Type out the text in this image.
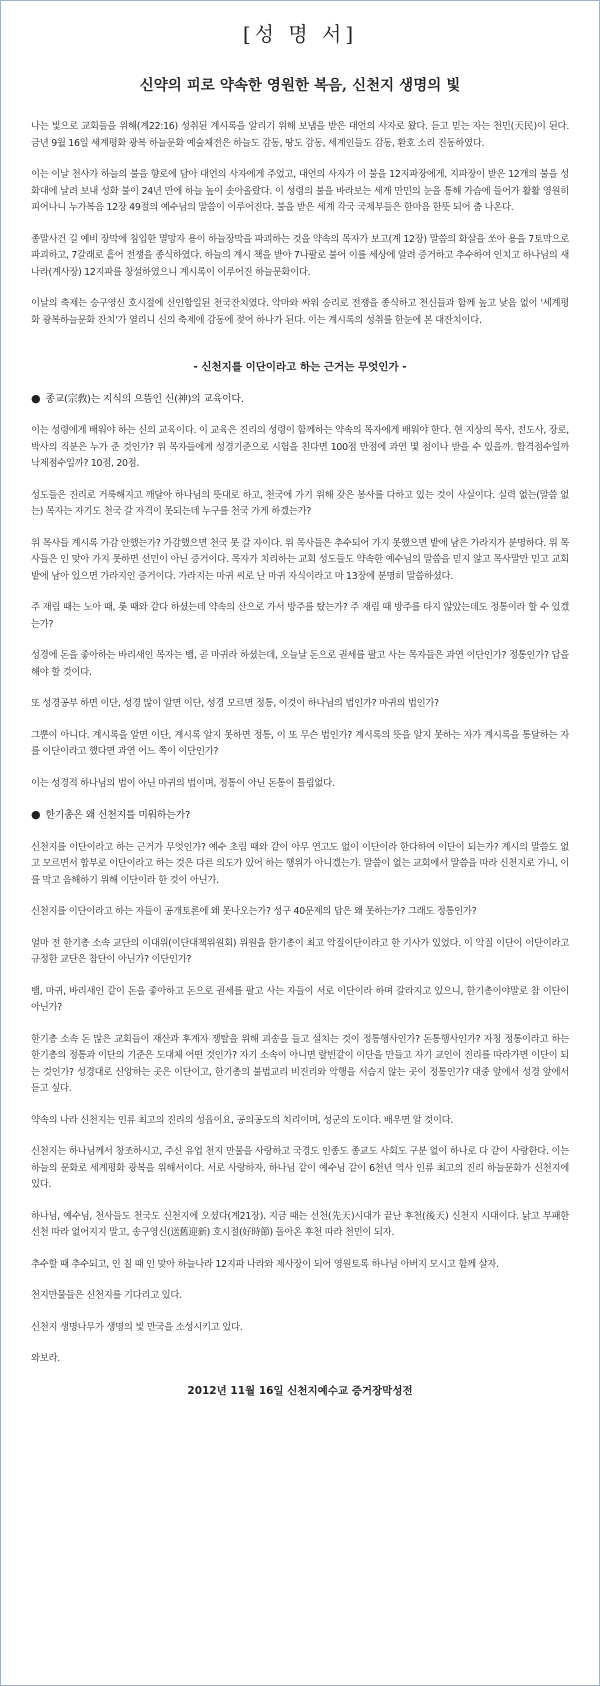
[성 명 서]
신약의 피로 약속한 영원한 복음, 신천지 생명의 빛

나는 빛으로 교회들을 위해(계22:16) 성취된 계시록을 알리기 위해 보냄을 받은 대언의 사자로 왔다. 듣고 믿는 자는 천민(天民)이 된다. 금년 9월 16일 세계평화 광복 하늘문화 예술체전은 하늘도 감동, 땅도 감동, 세계인들도 감동, 환호 소리 진동하였다.

이는 이날 천사가 하늘의 불을 향로에 담아 대언의 사자에게 주었고, 대언의 사자가 이 불을 12지파장에게, 지파장이 받은 12개의 불을 성화대에 날려 보내 성화 불이 24년 만에 하늘 높이 솟아올랐다. 이 성령의 불을 바라보는 세계 만민의 눈을 통해 가슴에 들어가 활활 영원히 피어나니 누가복음 12장 49절의 예수님의 말씀이 이루어진다. 불을 받은 세계 각국 국제부들은 한마음 한뜻 되어 춤 나온다.

종말사건 길 예비 장막에 침입한 멸망자 용이 하늘장막을 파괴하는 것을 약속의 목자가 보고(계 12장) 말씀의 화살을 쏘아 용을 7토막으로 파괴하고, 7갈래로 흩어 전쟁을 종식하였다. 하늘의 계시 책을 받아 7나팔로 불어 이를 세상에 알려 증거하고 추수하여 인치고 하나님의 새나라(계사장) 12지파를 창설하였으니 계시록이 이루어진 하늘문화이다.

이날의 축제는 승구영신 호시절에 신인합일된 천국잔치였다. 악마와 싸워 승리로 전쟁을 종식하고 천신들과 함께 높고 낮음 없이 '세계평화 광복하늘문화 잔치'가 열리니 신의 축제에 감동에 젖어 하나가 된다. 이는 계시록의 성취를 한눈에 본 대잔치이다.

- 신천지를 이단이라고 하는 근거는 무엇인가 -
● 종교(宗敎)는 지식의 으뜸인 신(神)의 교육이다.

이는 성령에게 배워야 하는 신의 교육이다. 이 교육은 진리의 성령이 함께하는 약속의 목자에게 배워야 한다. 현 지상의 목사, 전도사, 장로, 박사의 직분은 누가 준 것인가? 위 목자들에게 성경기준으로 시험을 친다면 100점 만점에 과연 몇 점이나 받을 수 있을까. 합격점수일까 낙제점수일까? 10점, 20점.

성도들은 진리로 거룩해지고 깨달아 하나님의 뜻대로 하고, 천국에 가기 위해 갖은 봉사를 다하고 있는 것이 사실이다. 실력 없는(말씀 없는) 목자는 자기도 천국 갈 자격이 못되는데 누구를 천국 가게 하겠는가?

위 목사들 계시록 가감 안했는가? 가감했으면 천국 못 갈 자이다. 위 목사들은 추수되어 가지 못했으면 밭에 남은 가라지가 분명하다. 위 목사들은 인 맞아 가지 못하면 선민이 아닌 증거이다. 목자가 치리하는 교회 성도들도 약속한 예수님의 말씀을 믿지 않고 목사말만 믿고 교회 밭에 남아 있으면 가라지인 증거이다. 가라지는 마귀 씨로 난 마귀 자식이라고 마 13장에 분명히 말씀하셨다.

주 재림 때는 노아 때, 롯 때와 같다 하셨는데 약속의 산으로 가서 방주를 탔는가? 주 재림 때 방주를 타지 않았는데도 정통이라 할 수 있겠는가?

성경에 돈을 좋아하는 바리새인 목자는 뱀, 곧 마귀라 하셨는데, 오늘날 돈으로 권세를 팔고 사는 목자들은 과연 이단인가? 정통인가? 답을 해야 할 것이다.

또 성경공부 하면 이단, 성경 많이 알면 이단, 성경 모르면 정통, 이것이 하나님의 법인가? 마귀의 법인가?

그뿐이 아니다. 계시록을 알면 이단, 계시록 알지 못하면 정통, 이 또 무슨 법인가? 계시록의 뜻을 알지 못하는 자가 계시록을 통달하는 자를 이단이라고 했다면 과연 어느 쪽이 이단인가?

이는 성경적 하나님의 법이 아닌 마귀의 법이며, 정통이 아닌 돈통이 틀림없다.

● 한기총은 왜 신천지를 미워하는가?

신천지를 이단이라고 하는 근거가 무엇인가? 예수 초림 때와 같이 아무 연고도 없이 이단이라 한다하여 이단이 되는가? 계시의 말씀도 없고 모르면서 합부로 이단이라고 하는 것은 다른 의도가 있어 하는 행위가 아니겠는가. 말씀이 없는 교회에서 말씀을 따라 신천지로 가니, 이를 막고 음해하기 위해 이단이라 한 것이 아닌가.

신천지를 이단이라고 하는 자들이 공개토론에 왜 못나오는가? 성구 40문제의 답은 왜 못하는가? 그래도 정통인가?

얼마 전 한기총 소속 교단의 이대위(이단대책위원회) 위원을 한기총이 최고 악질이단이라고 한 기사가 있었다. 이 악질 이단이 이단이라고 규정한 교단은 참단이 아닌가? 이단인가?

뱀, 마귀, 바리새인 같이 돈을 좋아하고 돈으로 권세를 팔고 사는 자들이 서로 이단이라 하며 갈라지고 있으니, 한기총이야말로 참 이단이 아닌가?

한기총 소속 돈 많은 교회들이 재산과 후계자 쟁탈을 위해 괴송을 들고 설치는 것이 정통행사인가? 돈통행사인가? 자칭 정통이라고 하는 한기총의 정통과 이단의 기준은 도대체 어떤 것인가? 자기 소속이 아니면 랄빈같이 이단을 만들고 자기 교인이 진리를 따라가면 이단이 되는 것인가? 성경대로 신앙하는 곳은 이단이고, 한기총의 불법교리 비진리와 악행을 서슴지 않는 곳이 정통인가? 대중 앞에서 성경 앞에서 듣고 싶다.

약속의 나라 신천지는 인류 최고의 진리의 성읍이요, 공의공도의 치리이며, 성군의 도이다. 배우면 알 것이다.

신천지는 하나님께서 창조하시고, 주신 유업 천지 만물을 사랑하고 국경도 인종도 종교도 사회도 구분 없이 하나로 다 같이 사랑한다. 이는 하늘의 문화로 세계평화 광복을 위해서이다. 서로 사랑하자, 하나님 같이 예수님 같이 6천년 역사 인류 최고의 진리 하늘문화가 신천지에 있다.

하나님, 예수님, 천사들도 천국도 신천지에 오셨다(계21장). 지금 때는 선천(先天)시대가 끝난 후천(後天) 신천지 시대이다. 낡고 부패한 선천 따라 없어지지 말고, 송구영신(送舊迎新) 호시절(好時節) 돌아온 후천 따라 천민이 되자.

추수할 때 추수되고, 인 칠 때 인 맞아 하늘나라 12지파 나라와 제사장이 되어 영원토록 하나님 아버지 모시고 함께 살자.

천지만물들은 신천지를 기다리고 있다.

신천지 생명나무가 생명의 빛 만국을 소성시키고 있다.

와보라.

2012년 11월 16일 신천지예수교 증거장막성전
